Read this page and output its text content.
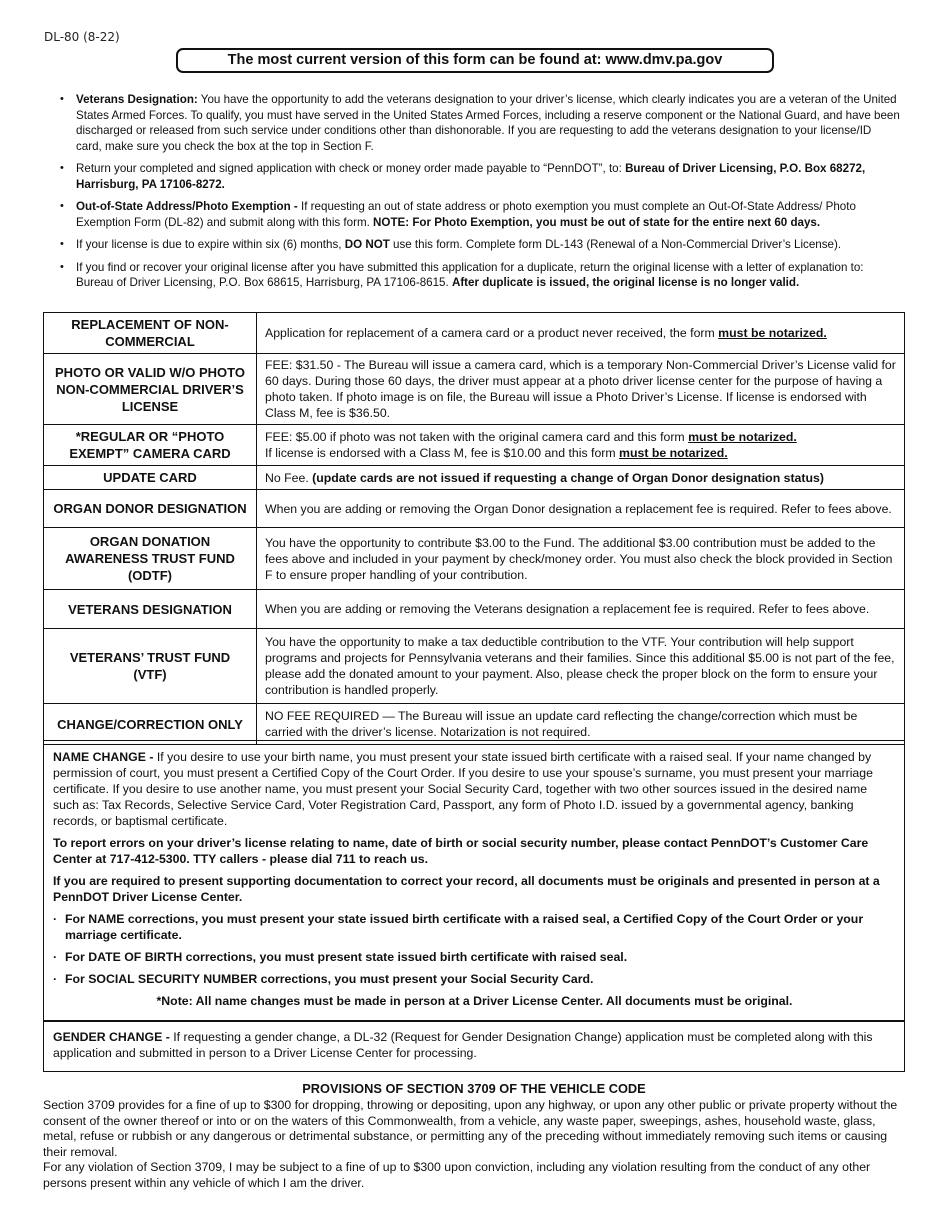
DL-80 (8-22)
The most current version of this form can be found at: www.dmv.pa.gov
• Veterans Designation: You have the opportunity to add the veterans designation to your driver’s license, which clearly indicates you are a veteran of the United States Armed Forces. To qualify, you must have served in the United States Armed Forces, including a reserve component or the National Guard, and have been discharged or released from such service under conditions other than dishonorable. If you are requesting to add the veterans designation to your license/ID card, make sure you check the box at the top in Section F.
• Return your completed and signed application with check or money order made payable to “PennDOT”, to: Bureau of Driver Licensing, P.O. Box 68272, Harrisburg, PA 17106-8272.
• Out-of-State Address/Photo Exemption - If requesting an out of state address or photo exemption you must complete an Out-Of-State Address/ Photo Exemption Form (DL-82) and submit along with this form. NOTE: For Photo Exemption, you must be out of state for the entire next 60 days.
• If your license is due to expire within six (6) months, DO NOT use this form. Complete form DL-143 (Renewal of a Non-Commercial Driver’s License).
• If you find or recover your original license after you have submitted this application for a duplicate, return the original license with a letter of explanation to: Bureau of Driver Licensing, P.O. Box 68615, Harrisburg, PA 17106-8615. After duplicate is issued, the original license is no longer valid.
REPLACEMENT OF NON-COMMERCIAL	Application for replacement of a camera card or a product never received, the form must be notarized.
PHOTO OR VALID W/O PHOTO NON-COMMERCIAL DRIVER’S LICENSE	FEE: $31.50 - The Bureau will issue a camera card, which is a temporary Non-Commercial Driver’s License valid for 60 days. During those 60 days, the driver must appear at a photo driver license center for the purpose of having a photo taken. If photo image is on file, the Bureau will issue a Photo Driver’s License. If license is endorsed with Class M, fee is $36.50.
*REGULAR OR “PHOTO EXEMPT” CAMERA CARD	FEE: $5.00 if photo was not taken with the original camera card and this form must be notarized.
If license is endorsed with a Class M, fee is $10.00 and this form must be notarized.

UPDATE CARD	No Fee. (update cards are not issued if requesting a change of Organ Donor designation status)
ORGAN DONOR DESIGNATION	When you are adding or removing the Organ Donor designation a replacement fee is required. Refer to fees above.
ORGAN DONATION AWARENESS TRUST FUND (ODTF)	You have the opportunity to contribute $3.00 to the Fund. The additional $3.00 contribution must be added to the fees above and included in your payment by check/money order. You must also check the block provided in Section F to ensure proper handling of your contribution.
VETERANS DESIGNATION	When you are adding or removing the Veterans designation a replacement fee is required. Refer to fees above.
VETERANS’ TRUST FUND (VTF)	You have the opportunity to make a tax deductible contribution to the VTF. Your contribution will help support programs and projects for Pennsylvania veterans and their families. Since this additional $5.00 is not part of the fee, please add the donated amount to your payment. Also, please check the proper block on the form to ensure your contribution is handled properly.
CHANGE/CORRECTION ONLY	NO FEE REQUIRED — The Bureau will issue an update card reflecting the change/correction which must be carried with the driver’s license. Notarization is not required.

NAME CHANGE - If you desire to use your birth name, you must present your state issued birth certificate with a raised seal. If your name changed by permission of court, you must present a Certified Copy of the Court Order. If you desire to use your spouse’s surname, you must present your marriage certificate. If you desire to use another name, you must present your Social Security Card, together with two other sources issued in the desired name such as: Tax Records, Selective Service Card, Voter Registration Card, Passport, any form of Photo I.D. issued by a governmental agency, banking records, or baptismal certificate.

To report errors on your driver’s license relating to name, date of birth or social security number, please contact PennDOT’s Customer Care Center at 717-412-5300. TTY callers - please dial 711 to reach us.

If you are required to present supporting documentation to correct your record, all documents must be originals and presented in person at a PennDOT Driver License Center.

· For NAME corrections, you must present your state issued birth certificate with a raised seal, a Certified Copy of the Court Order or your marriage certificate.
· For DATE OF BIRTH corrections, you must present state issued birth certificate with raised seal.
· For SOCIAL SECURITY NUMBER corrections, you must present your Social Security Card.
*Note: All name changes must be made in person at a Driver License Center. All documents must be original.
GENDER CHANGE - If requesting a gender change, a DL-32 (Request for Gender Designation Change) application must be completed along with this application and submitted in person to a Driver License Center for processing.
PROVISIONS OF SECTION 3709 OF THE VEHICLE CODE

Section 3709 provides for a fine of up to $300 for dropping, throwing or depositing, upon any highway, or upon any other public or private property without the consent of the owner thereof or into or on the waters of this Commonwealth, from a vehicle, any waste paper, sweepings, ashes, household waste, glass, metal, refuse or rubbish or any dangerous or detrimental substance, or permitting any of the preceding without immediately removing such items or causing their removal.

For any violation of Section 3709, I may be subject to a fine of up to $300 upon conviction, including any violation resulting from the conduct of any other persons present within any vehicle of which I am the driver.
